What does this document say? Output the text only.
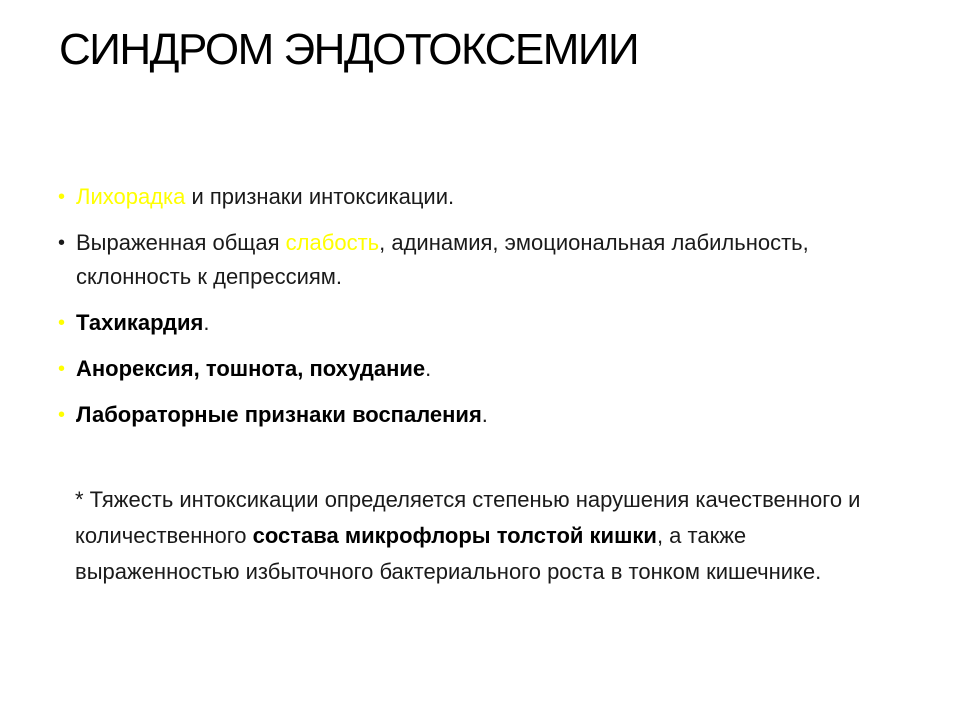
СИНДРОМ ЭНДОТОКСЕМИИ
• Лихорадка и признаки интоксикации.
• Выраженная общая слабость, адинамия, эмоциональная лабильность, склонность к депрессиям.
• Тахикардия.
• Анорексия, тошнота, похудание.
• Лабораторные признаки воспаления.

* Тяжесть интоксикации определяется степенью нарушения качественного и количественного состава микрофлоры толстой кишки, а также выраженностью избыточного бактериального роста в тонком кишечнике.
